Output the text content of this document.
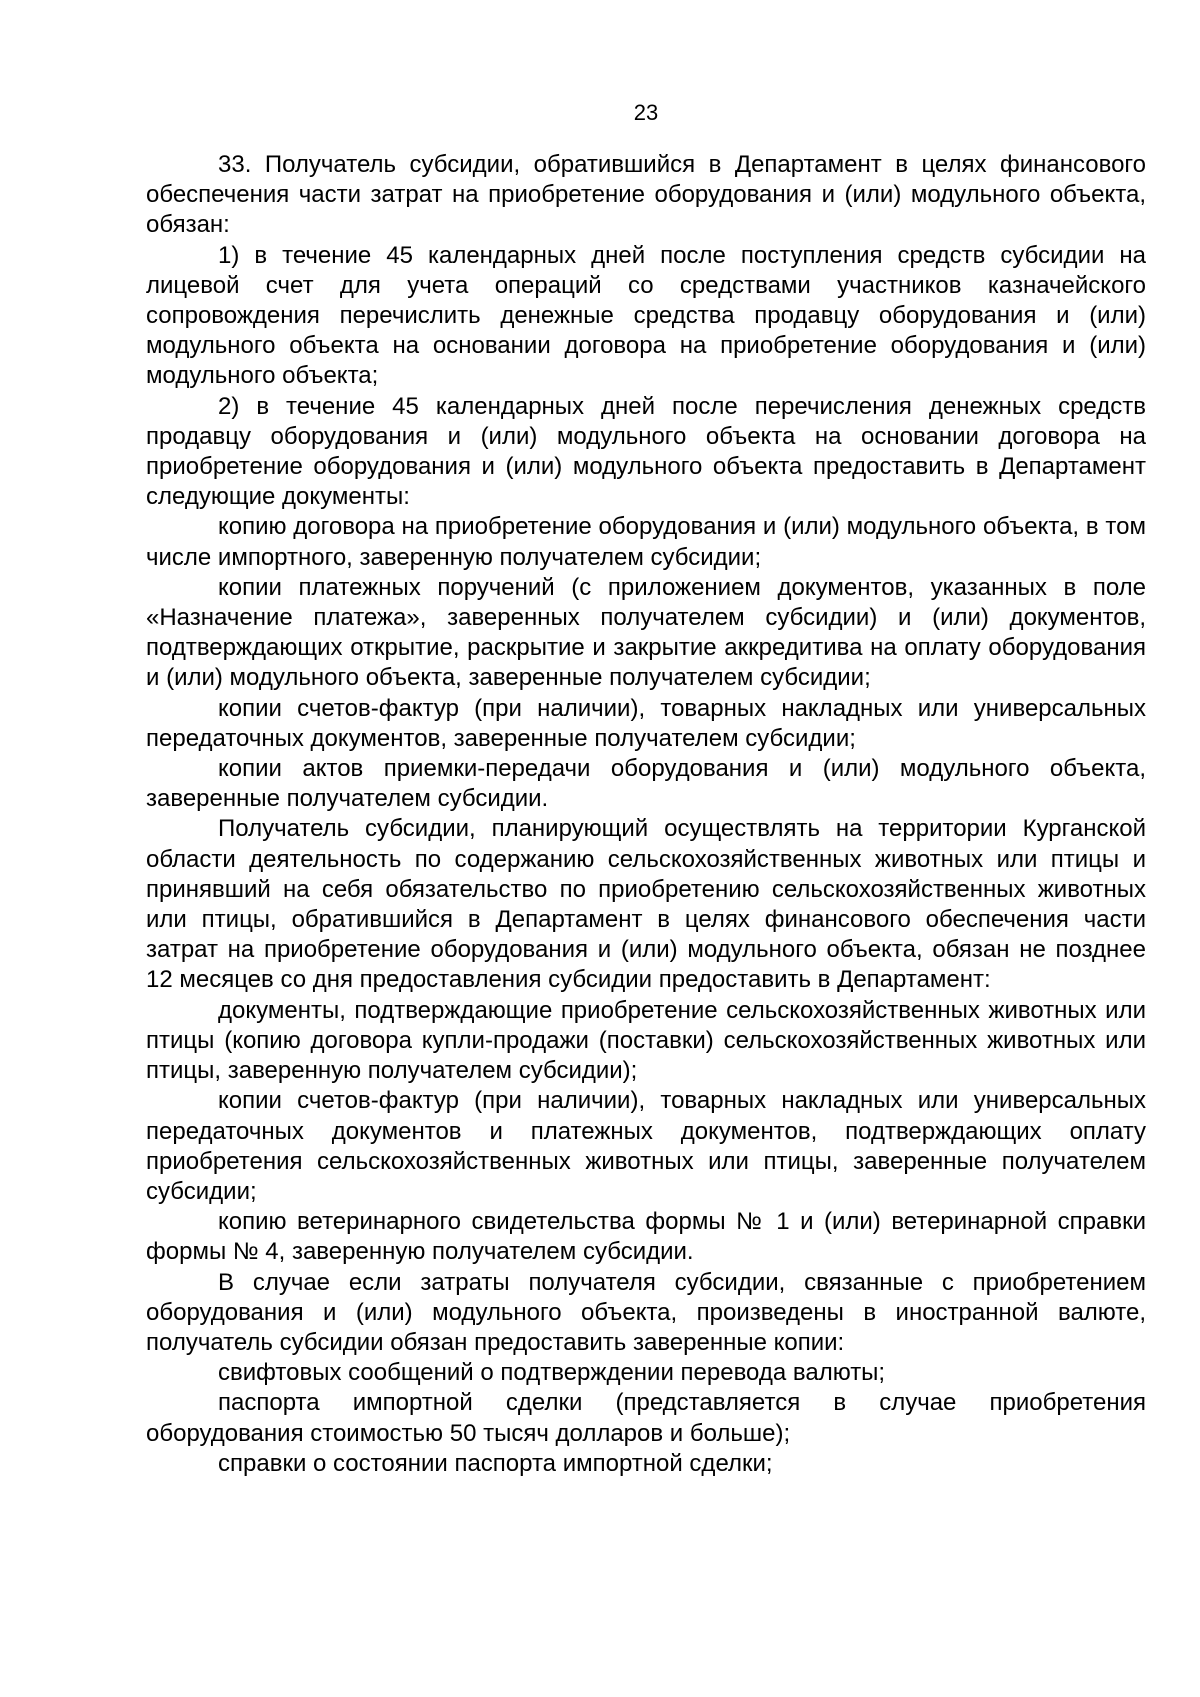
23

33. Получатель субсидии, обратившийся в Департамент в целях финансового обеспечения части затрат на приобретение оборудования и (или) модульного объекта, обязан:

1) в течение 45 календарных дней после поступления средств субсидии на лицевой счет для учета операций со средствами участников казначейского сопровождения перечислить денежные средства продавцу оборудования и (или) модульного объекта на основании договора на приобретение оборудования и (или) модульного объекта;

2) в течение 45 календарных дней после перечисления денежных средств продавцу оборудования и (или) модульного объекта на основании договора на приобретение оборудования и (или) модульного объекта предоставить в Департамент следующие документы:

копию договора на приобретение оборудования и (или) модульного объекта, в том числе импортного, заверенную получателем субсидии;

копии платежных поручений (с приложением документов, указанных в поле «Назначение платежа», заверенных получателем субсидии) и (или) документов, подтверждающих открытие, раскрытие и закрытие аккредитива на оплату оборудования и (или) модульного объекта, заверенные получателем субсидии;

копии счетов-фактур (при наличии), товарных накладных или универсальных передаточных документов, заверенные получателем субсидии;

копии актов приемки-передачи оборудования и (или) модульного объекта, заверенные получателем субсидии.

Получатель субсидии, планирующий осуществлять на территории Курганской области деятельность по содержанию сельскохозяйственных животных или птицы и принявший на себя обязательство по приобретению сельскохозяйственных животных или птицы, обратившийся в Департамент в целях финансового обеспечения части затрат на приобретение оборудования и (или) модульного объекта, обязан не позднее 12 месяцев со дня предоставления субсидии предоставить в Департамент:

документы, подтверждающие приобретение сельскохозяйственных животных или птицы (копию договора купли-продажи (поставки) сельскохозяйственных животных или птицы, заверенную получателем субсидии);

копии счетов-фактур (при наличии), товарных накладных или универсальных передаточных документов и платежных документов, подтверждающих оплату приобретения сельскохозяйственных животных или птицы, заверенные получателем субсидии;

копию ветеринарного свидетельства формы № 1 и (или) ветеринарной справки формы № 4, заверенную получателем субсидии.

В случае если затраты получателя субсидии, связанные с приобретением оборудования и (или) модульного объекта, произведены в иностранной валюте, получатель субсидии обязан предоставить заверенные копии:

свифтовых сообщений о подтверждении перевода валюты;

паспорта импортной сделки (представляется в случае приобретения оборудования стоимостью 50 тысяч долларов и больше);

справки о состоянии паспорта импортной сделки;
